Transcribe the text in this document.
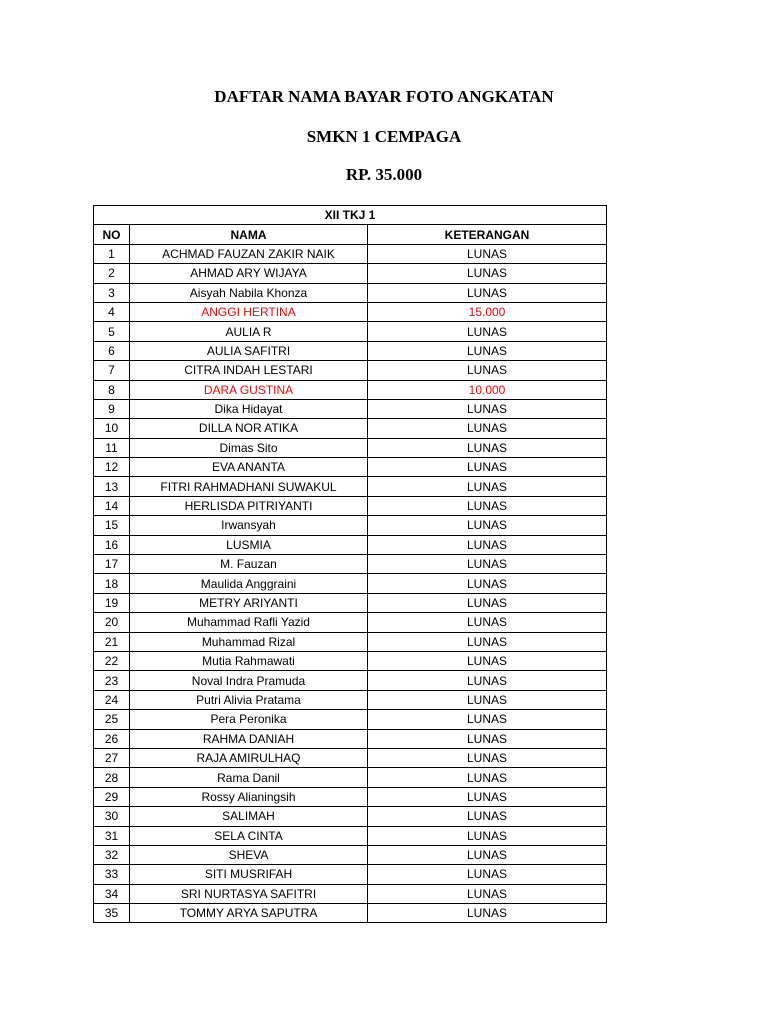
DAFTAR NAMA BAYAR FOTO ANGKATAN
SMKN 1 CEMPAGA
RP. 35.000
XII TKJ 1		
NO	NAMA	KETERANGAN
1	ACHMAD FAUZAN ZAKIR NAIK	LUNAS
2	AHMAD ARY WIJAYA	LUNAS
3	Aisyah Nabila Khonza	LUNAS
4	ANGGI HERTINA	15.000
5	AULIA R	LUNAS
6	AULIA SAFITRI	LUNAS
7	CITRA INDAH LESTARI	LUNAS
8	DARA GUSTINA	10.000
9	Dika Hidayat	LUNAS
10	DILLA NOR ATIKA	LUNAS
11	Dimas Sito	LUNAS
12	EVA ANANTA	LUNAS
13	FITRI RAHMADHANI SUWAKUL	LUNAS
14	HERLISDA PITRIYANTI	LUNAS
15	Irwansyah	LUNAS
16	LUSMIA	LUNAS
17	M. Fauzan	LUNAS
18	Maulida Anggraini	LUNAS
19	METRY ARIYANTI	LUNAS
20	Muhammad Rafli Yazid	LUNAS
21	Muhammad Rizal	LUNAS
22	Mutia Rahmawati	LUNAS
23	Noval Indra Pramuda	LUNAS
24	Putri Alivia Pratama	LUNAS
25	Pera Peronika	LUNAS
26	RAHMA DANIAH	LUNAS
27	RAJA AMIRULHAQ	LUNAS
28	Rama Danil	LUNAS
29	Rossy Alianingsih	LUNAS
30	SALIMAH	LUNAS
31	SELA CINTA	LUNAS
32	SHEVA	LUNAS
33	SITI MUSRIFAH	LUNAS
34	SRI NURTASYA SAFITRI	LUNAS
35	TOMMY ARYA SAPUTRA	LUNAS
